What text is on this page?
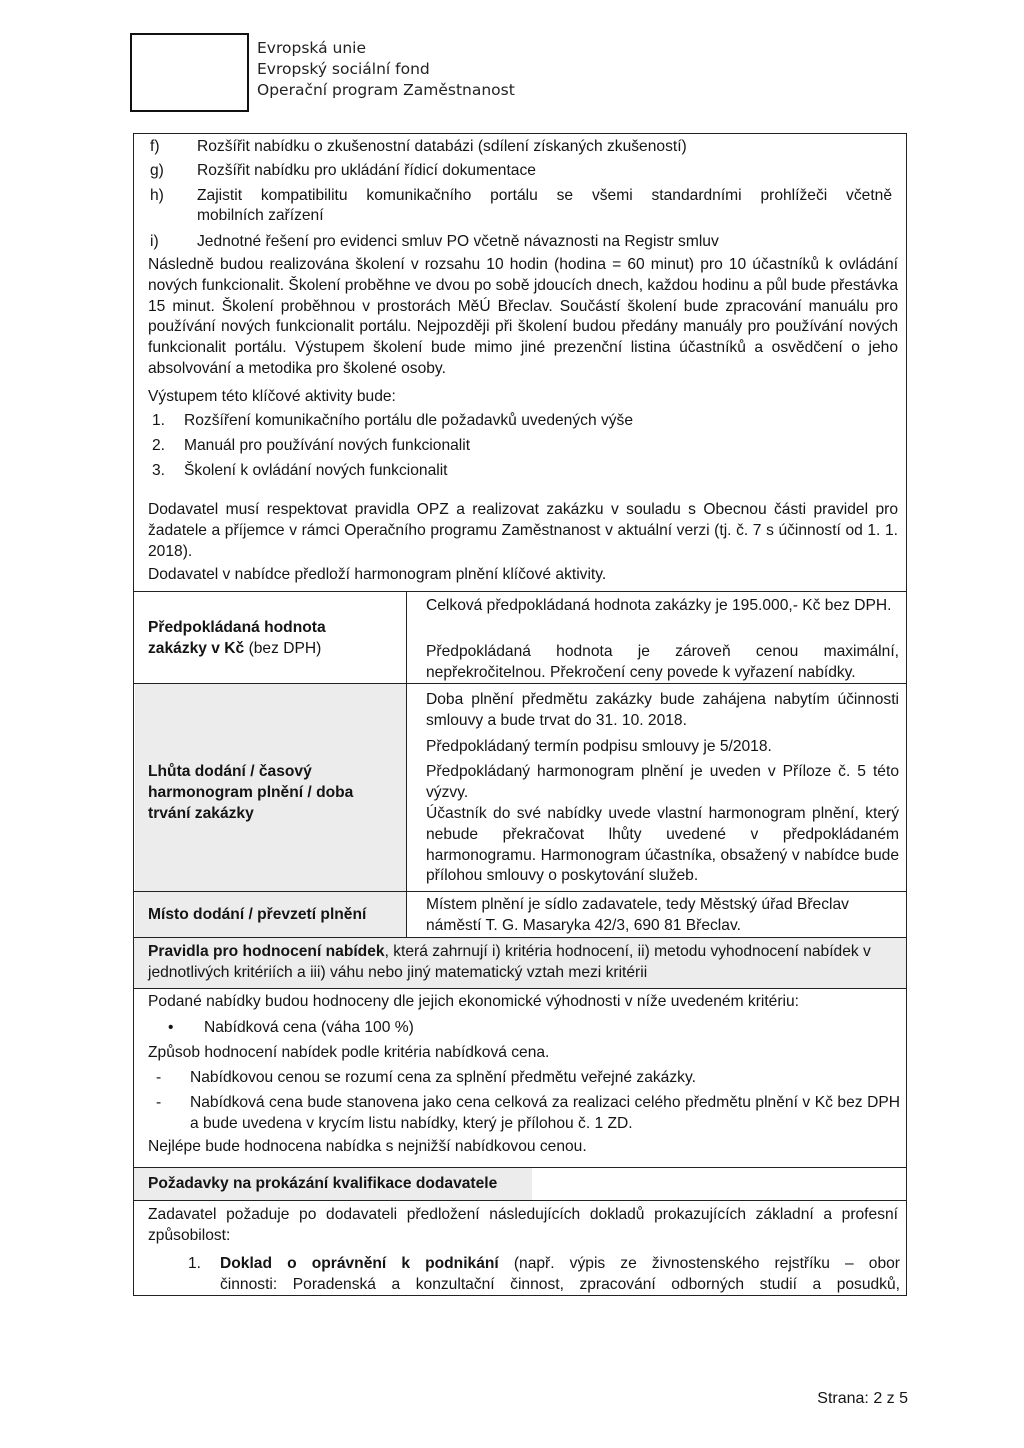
Evropská unie
Evropský sociální fond
Operační program Zaměstnanost
f) Rozšířit nabídku o zkušenostní databázi (sdílení získaných zkušeností)
g) Rozšířit nabídku pro ukládání řídicí dokumentace
h) Zajistit kompatibilitu komunikačního portálu se všemi standardními prohlížeči včetně
mobilních zařízení
i) Jednotné řešení pro evidenci smluv PO včetně návaznosti na Registr smluv
Následně budou realizována školení v rozsahu 10 hodin (hodina = 60 minut) pro 10 účastníků k ovládání nových funkcionalit. Školení proběhne ve dvou po sobě jdoucích dnech, každou hodinu a půl bude přestávka 15 minut. Školení proběhnou v prostorách MěÚ Břeclav. Součástí školení bude zpracování manuálu pro používání nových funkcionalit portálu. Nejpozději při školení budou předány manuály pro používání nových funkcionalit portálu. Výstupem školení bude mimo jiné prezenční listina účastníků a osvědčení o jeho absolvování a metodika pro školené osoby.
Výstupem této klíčové aktivity bude:
1. Rozšíření komunikačního portálu dle požadavků uvedených výše
2. Manuál pro používání nových funkcionalit
3. Školení k ovládání nových funkcionalit
Dodavatel musí respektovat pravidla OPZ a realizovat zakázku v souladu s Obecnou části pravidel pro žadatele a příjemce v rámci Operačního programu Zaměstnanost v aktuální verzi (tj. č. 7 s účinností od 1. 1. 2018).
Dodavatel v nabídce předloží harmonogram plnění klíčové aktivity.
Předpokládaná hodnota
zakázky v Kč (bez DPH)
Celková předpokládaná hodnota zakázky je 195.000,- Kč bez DPH.
Předpokládaná hodnota je zároveň cenou maximální, nepřekročitelnou. Překročení ceny povede k vyřazení nabídky.
Lhůta dodání / časový harmonogram plnění / doba trvání zakázky
Doba plnění předmětu zakázky bude zahájena nabytím účinnosti smlouvy a bude trvat do 31. 10. 2018.
Předpokládaný termín podpisu smlouvy je 5/2018.
Předpokládaný harmonogram plnění je uveden v Příloze č. 5 této výzvy.
Účastník do své nabídky uvede vlastní harmonogram plnění, který nebude překračovat lhůty uvedené v předpokládaném harmonogramu. Harmonogram účastníka, obsažený v nabídce bude přílohou smlouvy o poskytování služeb.
Místo dodání / převzetí plnění
Místem plnění je sídlo zadavatele, tedy Městský úřad Břeclav náměstí T. G. Masaryka 42/3, 690 81 Břeclav.
Pravidla pro hodnocení nabídek, která zahrnují i) kritéria hodnocení, ii) metodu vyhodnocení nabídek v jednotlivých kritériích a iii) váhu nebo jiný matematický vztah mezi kritérii
Podané nabídky budou hodnoceny dle jejich ekonomické výhodnosti v níže uvedeném kritériu:
• Nabídková cena (váha 100 %)
Způsob hodnocení nabídek podle kritéria nabídková cena.
- Nabídkovou cenou se rozumí cena za splnění předmětu veřejné zakázky.
- Nabídková cena bude stanovena jako cena celková za realizaci celého předmětu plnění v Kč bez DPH a bude uvedena v krycím listu nabídky, který je přílohou č. 1 ZD.
Nejlépe bude hodnocena nabídka s nejnižší nabídkovou cenou.
Požadavky na prokázání kvalifikace dodavatele
Zadavatel požaduje po dodavateli předložení následujících dokladů prokazujících základní a profesní způsobilost:
1. Doklad o oprávnění k podnikání (např. výpis ze živnostenského rejstříku – obor
činnosti: Poradenská a konzultační činnost, zpracování odborných studií a posudků,
Strana: 2 z 5
